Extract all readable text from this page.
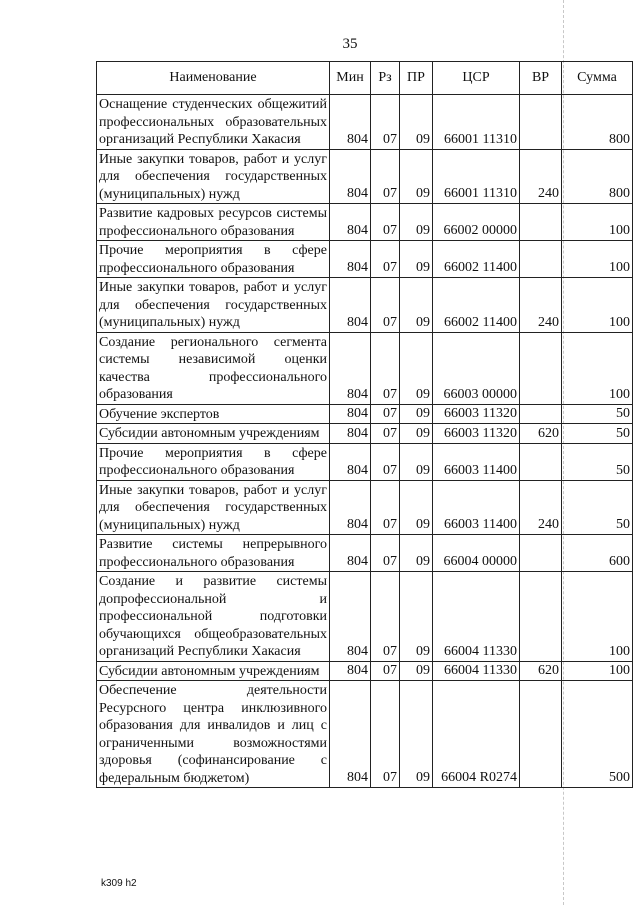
35
Наименование	Мин	Рз	ПР	ЦСР	ВР	Сумма
Оснащение студенческих общежитий профессиональных образовательных организаций Республики Хакасия	804	07	09	66001 11310		800
Иные закупки товаров, работ и услуг для обеспечения государственных (муниципальных) нужд	804	07	09	66001 11310	240	800
Развитие кадровых ресурсов системы профессионального образования	804	07	09	66002 00000		100
Прочие мероприятия в сфере профессионального образования	804	07	09	66002 11400		100
Иные закупки товаров, работ и услуг для обеспечения государственных (муниципальных) нужд	804	07	09	66002 11400	240	100
Создание регионального сегмента системы независимой оценки качества профессионального образования	804	07	09	66003 00000		100
Обучение экспертов	804	07	09	66003 11320		50
Субсидии автономным учреждениям	804	07	09	66003 11320	620	50
Прочие мероприятия в сфере профессионального образования	804	07	09	66003 11400		50
Иные закупки товаров, работ и услуг для обеспечения государственных (муниципальных) нужд	804	07	09	66003 11400	240	50
Развитие системы непрерывного профессионального образования	804	07	09	66004 00000		600
Создание и развитие системы допрофессиональной и профессиональной подготовки обучающихся общеобразовательных организаций Республики Хакасия	804	07	09	66004 11330		100
Субсидии автономным учреждениям	804	07	09	66004 11330	620	100
Обеспечение деятельности Ресурсного центра инклюзивного образования для инвалидов и лиц с ограниченными возможностями здоровья (софинансирование с федеральным бюджетом)	804	07	09	66004 R0274		500
k309 h2
